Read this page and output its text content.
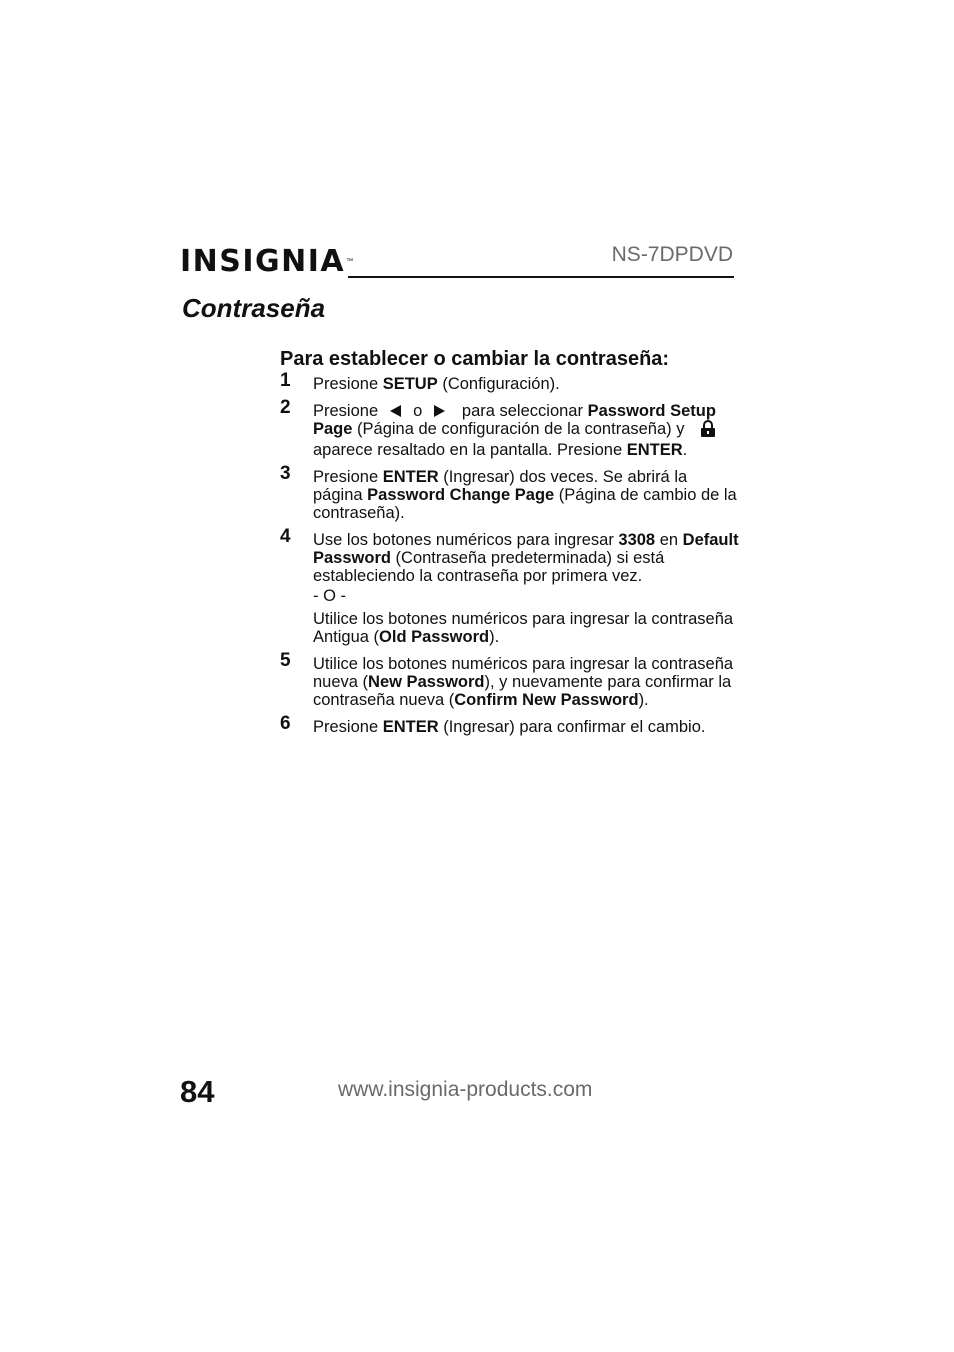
INSIGNIA ™	NS-7DPDVD
Contraseña
Para establecer o cambiar la contraseña:
1 Presione SETUP (Configuración).

2 Presione o para seleccionar Password Setup Page (Página de configuración de la contraseña) yaparece resaltado en la pantalla. Presione ENTER.

3 Presione ENTER (Ingresar) dos veces. Se abrirá la página Password Change Page (Página de cambio de la contraseña).

4 Use los botones numéricos para ingresar 3308 en Default Password (Contraseña predeterminada) si está estableciendo la contraseña por primera vez.

- O -

Utilice los botones numéricos para ingresar la contraseña Antigua (Old Password).

5 Utilice los botones numéricos para ingresar la contraseña nueva (New Password), y nuevamente para confirmar la contraseña nueva (Confirm New Password).

6 Presione ENTER (Ingresar) para confirmar el cambio.

84	www.insignia-products.com
